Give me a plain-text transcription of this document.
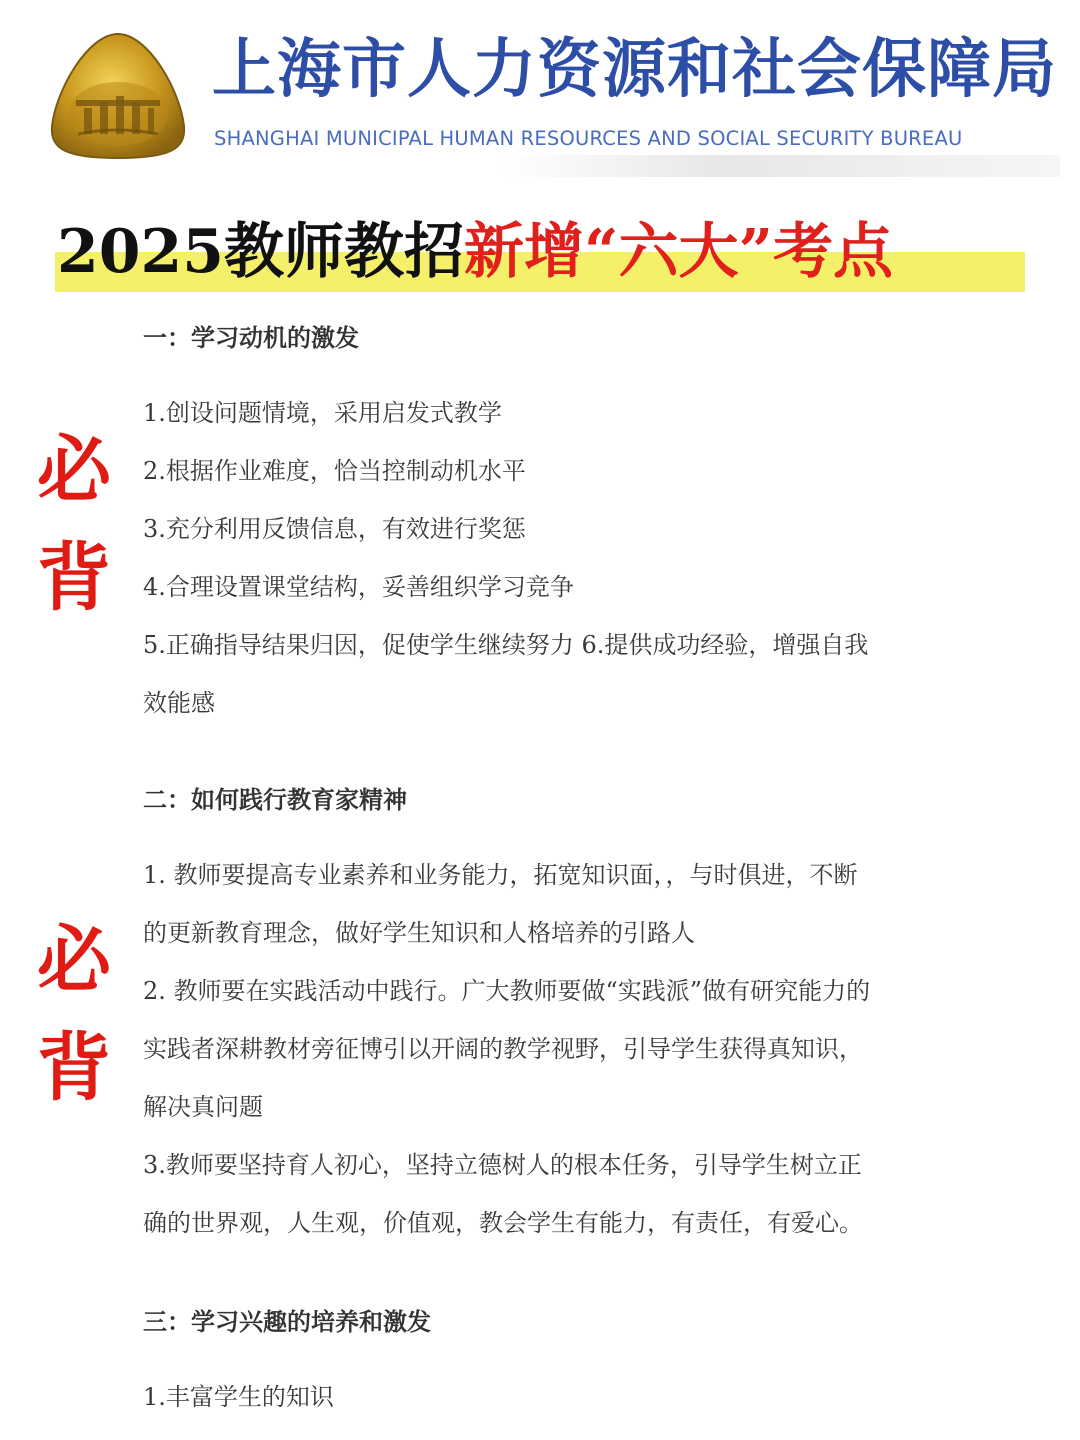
上海市人力资源和社会保障局
SHANGHAI MUNICIPAL HUMAN RESOURCES AND SOCIAL SECURITY BUREAU
2025教师教招新增“六大”考点
必
背
必
背
一：学习动机的激发
1.创设问题情境，采用启发式教学
2.根据作业难度，恰当控制动机水平
3.充分利用反馈信息，有效进行奖惩
4.合理设置课堂结构，妥善组织学习竞争
5.正确指导结果归因，促使学生继续努力 6.提供成功经验，增强自我
效能感
二：如何践行教育家精神
1. 教师要提高专业素养和业务能力，拓宽知识面，，与时俱进，不断
的更新教育理念，做好学生知识和人格培养的引路人
2. 教师要在实践活动中践行。广大教师要做“实践派”做有研究能力的
实践者深耕教材旁征博引以开阔的教学视野，引导学生获得真知识，
解决真问题
3.教师要坚持育人初心，坚持立德树人的根本任务，引导学生树立正
确的世界观，人生观，价值观，教会学生有能力，有责任，有爱心。
三：学习兴趣的培养和激发
1.丰富学生的知识
